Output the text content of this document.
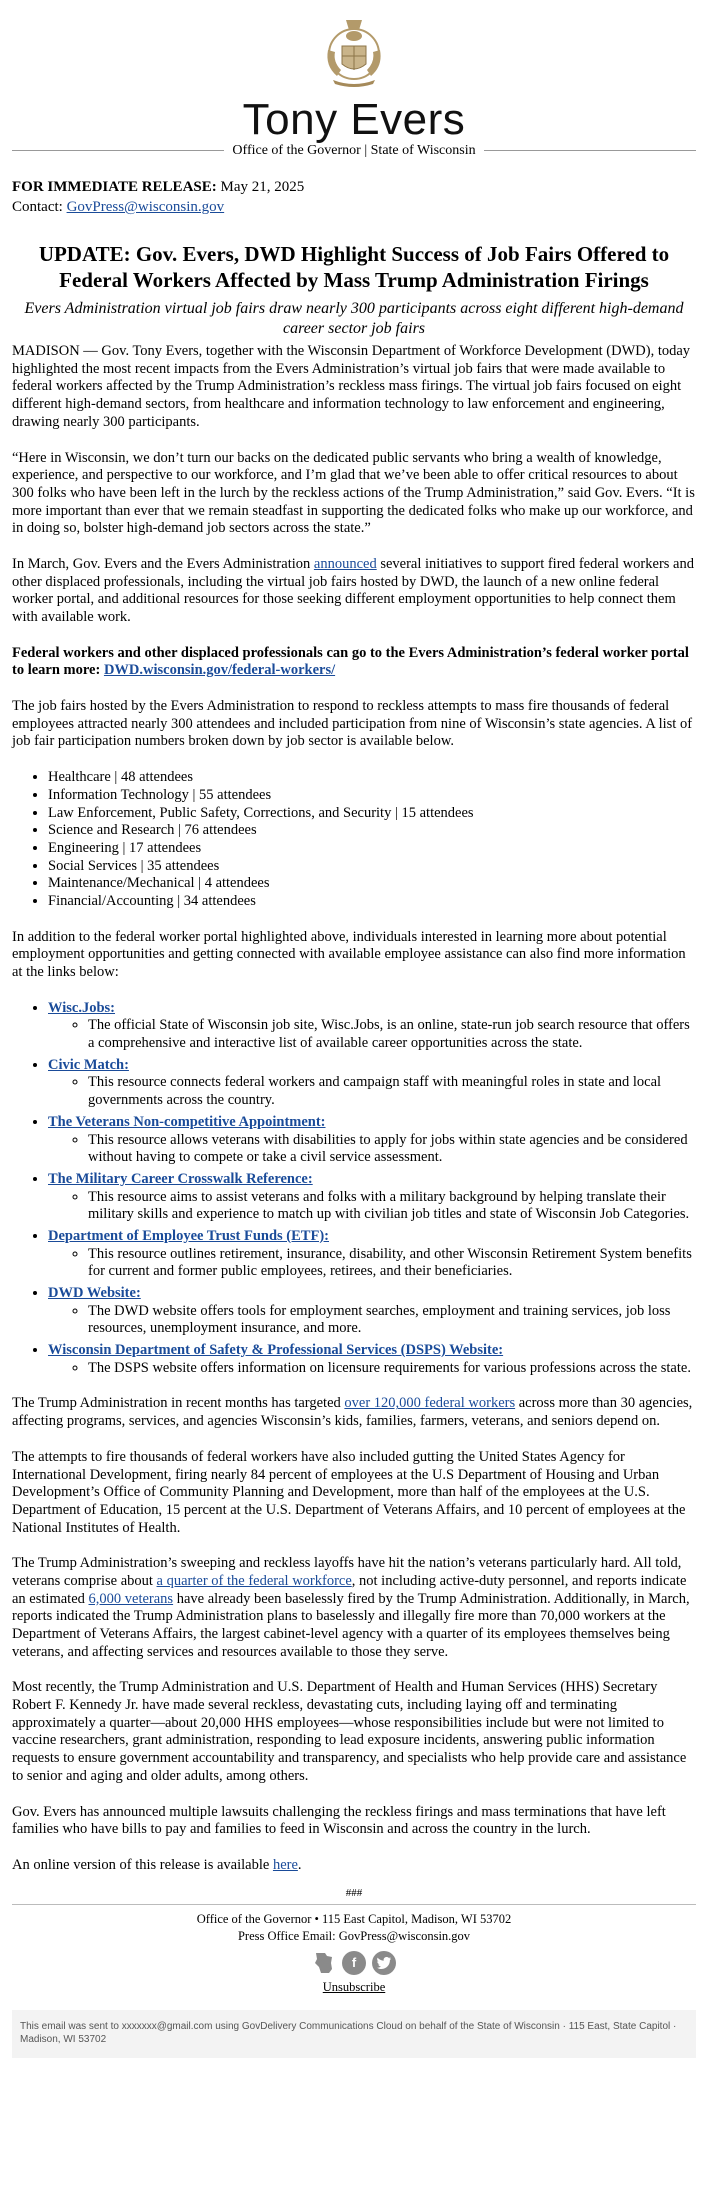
Tony Evers
Office of the Governor | State of Wisconsin
FOR IMMEDIATE RELEASE: May 21, 2025
Contact: GovPress@wisconsin.gov
UPDATE: Gov. Evers, DWD Highlight Success of Job Fairs Offered to Federal Workers Affected by Mass Trump Administration Firings
Evers Administration virtual job fairs draw nearly 300 participants across eight different high-demand career sector job fairs

MADISON — Gov. Tony Evers, together with the Wisconsin Department of Workforce Development (DWD), today highlighted the most recent impacts from the Evers Administration’s virtual job fairs that were made available to federal workers affected by the Trump Administration’s reckless mass firings. The virtual job fairs focused on eight different high-demand sectors, from healthcare and information technology to law enforcement and engineering, drawing nearly 300 participants.

“Here in Wisconsin, we don’t turn our backs on the dedicated public servants who bring a wealth of knowledge, experience, and perspective to our workforce, and I’m glad that we’ve been able to offer critical resources to about 300 folks who have been left in the lurch by the reckless actions of the Trump Administration,” said Gov. Evers. “It is more important than ever that we remain steadfast in supporting the dedicated folks who make up our workforce, and in doing so, bolster high-demand job sectors across the state.”

In March, Gov. Evers and the Evers Administration announced several initiatives to support fired federal workers and other displaced professionals, including the virtual job fairs hosted by DWD, the launch of a new online federal worker portal, and additional resources for those seeking different employment opportunities to help connect them with available work.

Federal workers and other displaced professionals can go to the Evers Administration’s federal worker portal to learn more: DWD.wisconsin.gov/federal-workers/

The job fairs hosted by the Evers Administration to respond to reckless attempts to mass fire thousands of federal employees attracted nearly 300 attendees and included participation from nine of Wisconsin’s state agencies. A list of job fair participation numbers broken down by job sector is available below.

• Healthcare | 48 attendees
• Information Technology | 55 attendees
• Law Enforcement, Public Safety, Corrections, and Security | 15 attendees
• Science and Research | 76 attendees
• Engineering | 17 attendees
• Social Services | 35 attendees
• Maintenance/Mechanical | 4 attendees
• Financial/Accounting | 34 attendees

In addition to the federal worker portal highlighted above, individuals interested in learning more about potential employment opportunities and getting connected with available employee assistance can also find more information at the links below:

• Wisc.Jobs:
◦ The official State of Wisconsin job site, Wisc.Jobs, is an online, state-run job search resource that offers a comprehensive and interactive list of available career opportunities across the state.
• Civic Match:
◦ This resource connects federal workers and campaign staff with meaningful roles in state and local governments across the country.
• The Veterans Non-competitive Appointment:
◦ This resource allows veterans with disabilities to apply for jobs within state agencies and be considered without having to compete or take a civil service assessment.
• The Military Career Crosswalk Reference:
◦ This resource aims to assist veterans and folks with a military background by helping translate their military skills and experience to match up with civilian job titles and state of Wisconsin Job Categories.
• Department of Employee Trust Funds (ETF):
◦ This resource outlines retirement, insurance, disability, and other Wisconsin Retirement System benefits for current and former public employees, retirees, and their beneficiaries.
• DWD Website:
◦ The DWD website offers tools for employment searches, employment and training services, job loss resources, unemployment insurance, and more.
• Wisconsin Department of Safety & Professional Services (DSPS) Website:
◦ The DSPS website offers information on licensure requirements for various professions across the state.

The Trump Administration in recent months has targeted over 120,000 federal workers across more than 30 agencies, affecting programs, services, and agencies Wisconsin’s kids, families, farmers, veterans, and seniors depend on.

The attempts to fire thousands of federal workers have also included gutting the United States Agency for International Development, firing nearly 84 percent of employees at the U.S Department of Housing and Urban Development’s Office of Community Planning and Development, more than half of the employees at the U.S. Department of Education, 15 percent at the U.S. Department of Veterans Affairs, and 10 percent of employees at the National Institutes of Health.

The Trump Administration’s sweeping and reckless layoffs have hit the nation’s veterans particularly hard. All told, veterans comprise about a quarter of the federal workforce, not including active-duty personnel, and reports indicate an estimated 6,000 veterans have already been baselessly fired by the Trump Administration. Additionally, in March, reports indicated the Trump Administration plans to baselessly and illegally fire more than 70,000 workers at the Department of Veterans Affairs, the largest cabinet-level agency with a quarter of its employees themselves being veterans, and affecting services and resources available to those they serve.

Most recently, the Trump Administration and U.S. Department of Health and Human Services (HHS) Secretary Robert F. Kennedy Jr. have made several reckless, devastating cuts, including laying off and terminating approximately a quarter—about 20,000 HHS employees—whose responsibilities include but were not limited to vaccine researchers, grant administration, responding to lead exposure incidents, answering public information requests to ensure government accountability and transparency, and specialists who help provide care and assistance to senior and aging and older adults, among others.

Gov. Evers has announced multiple lawsuits challenging the reckless firings and mass terminations that have left families who have bills to pay and families to feed in Wisconsin and across the country in the lurch.

An online version of this release is available here.

###
Office of the Governor • 115 East Capitol, Madison, WI 53702
Press Office Email: GovPress@wisconsin.gov
f
Unsubscribe
This email was sent to xxxxxxx@gmail.com using GovDelivery Communications Cloud on behalf of the State of Wisconsin · 115 East, State Capitol · Madison, WI 53702
